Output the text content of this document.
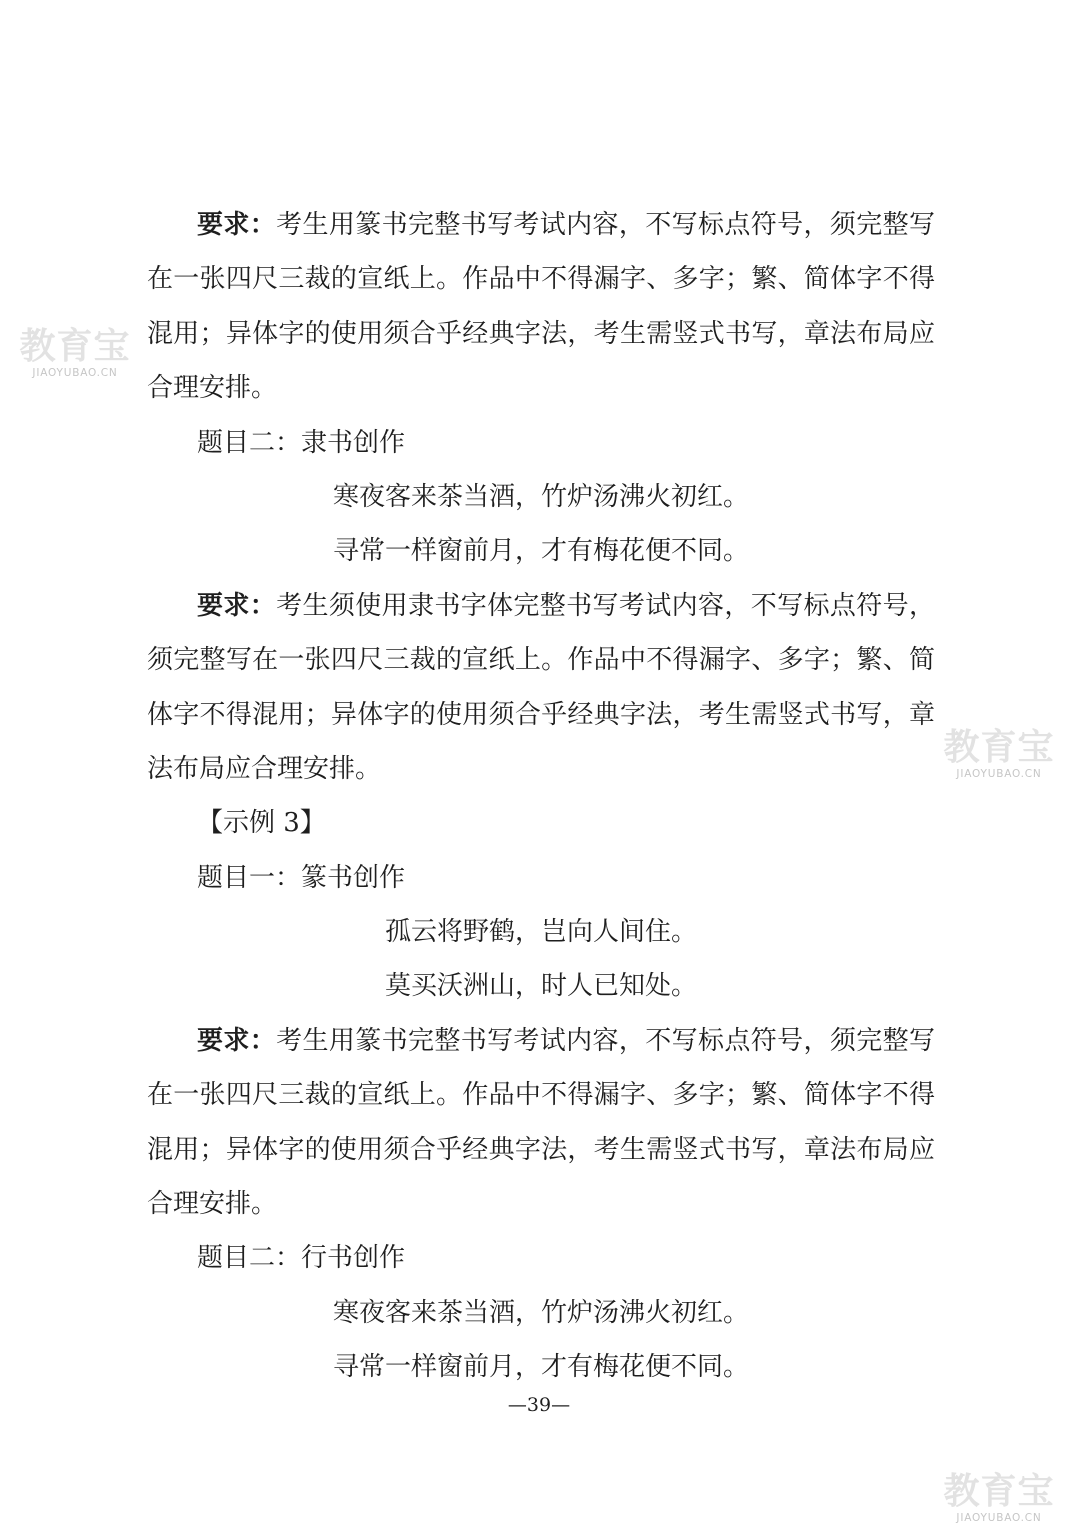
教育宝
JIAOYUBAO.CN
教育宝
JIAOYUBAO.CN
教育宝
JIAOYUBAO.CN
要求：考生用篆书完整书写考试内容，不写标点符号，须完整写
在一张四尺三裁的宣纸上。作品中不得漏字、多字；繁、简体字不得
混用；异体字的使用须合乎经典字法，考生需竖式书写，章法布局应
合理安排。
题目二：隶书创作
寒夜客来茶当酒，竹炉汤沸火初红。
寻常一样窗前月，才有梅花便不同。
要求：考生须使用隶书字体完整书写考试内容，不写标点符号，
须完整写在一张四尺三裁的宣纸上。作品中不得漏字、多字；繁、简
体字不得混用；异体字的使用须合乎经典字法，考生需竖式书写，章
法布局应合理安排。
【示例 3】
题目一：篆书创作
孤云将野鹤，岂向人间住。
莫买沃洲山，时人已知处。
要求：考生用篆书完整书写考试内容，不写标点符号，须完整写
在一张四尺三裁的宣纸上。作品中不得漏字、多字；繁、简体字不得
混用；异体字的使用须合乎经典字法，考生需竖式书写，章法布局应
合理安排。
题目二：行书创作
寒夜客来茶当酒，竹炉汤沸火初红。
寻常一样窗前月，才有梅花便不同。
—39—
